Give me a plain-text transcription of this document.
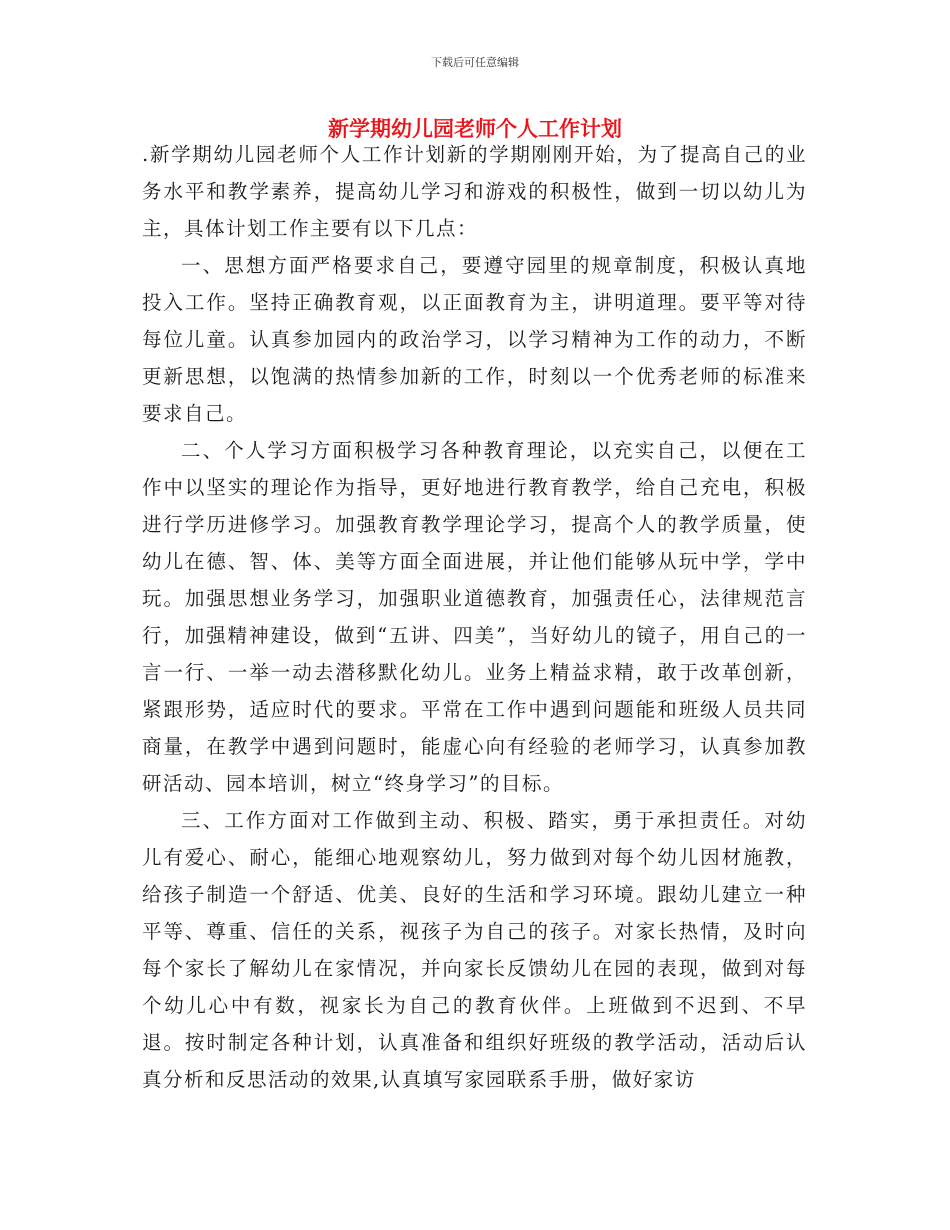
下载后可任意编辑
新学期幼儿园老师个人工作计划

.新学期幼儿园老师个人工作计划新的学期刚刚开始，为了提高自己的业务水平和教学素养，提高幼儿学习和游戏的积极性，做到一切以幼儿为主，具体计划工作主要有以下几点：

一、思想方面严格要求自己，要遵守园里的规章制度，积极认真地投入工作。坚持正确教育观，以正面教育为主，讲明道理。要平等对待每位儿童。认真参加园内的政治学习，以学习精神为工作的动力，不断更新思想，以饱满的热情参加新的工作，时刻以一个优秀老师的标准来要求自己。

二、个人学习方面积极学习各种教育理论，以充实自己，以便在工作中以坚实的理论作为指导，更好地进行教育教学，给自己充电，积极进行学历进修学习。加强教育教学理论学习，提高个人的教学质量，使幼儿在德、智、体、美等方面全面进展，并让他们能够从玩中学，学中玩。加强思想业务学习，加强职业道德教育，加强责任心，法律规范言行，加强精神建设，做到“五讲、四美”，当好幼儿的镜子，用自己的一言一行、一举一动去潜移默化幼儿。业务上精益求精，敢于改革创新，紧跟形势，适应时代的要求。平常在工作中遇到问题能和班级人员共同商量，在教学中遇到问题时，能虚心向有经验的老师学习，认真参加教研活动、园本培训，树立“终身学习”的目标。

三、工作方面对工作做到主动、积极、踏实，勇于承担责任。对幼儿有爱心、耐心，能细心地观察幼儿，努力做到对每个幼儿因材施教，给孩子制造一个舒适、优美、良好的生活和学习环境。跟幼儿建立一种平等、尊重、信任的关系，视孩子为自己的孩子。对家长热情，及时向每个家长了解幼儿在家情况，并向家长反馈幼儿在园的表现，做到对每个幼儿心中有数，视家长为自己的教育伙伴。上班做到不迟到、不早退。按时制定各种计划，认真准备和组织好班级的教学活动，活动后认真分析和反思活动的效果,认真填写家园联系手册，做好家访
